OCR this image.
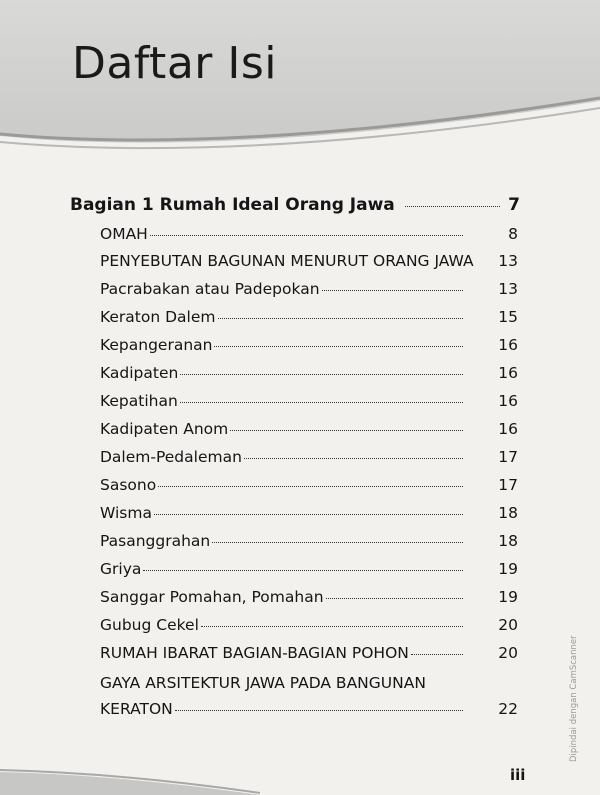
Daftar Isi
Bagian 1 Rumah Ideal Orang Jawa	7
OMAH	8
PENYEBUTAN BAGUNAN MENURUT ORANG JAWA 13
Pacrabakan atau Padepokan	13
Keraton Dalem	15
Kepangeranan	16
Kadipaten	16
Kepatihan	16
Kadipaten Anom	16
Dalem-Pedaleman	17
Sasono	17
Wisma	18
Pasanggrahan	18
Griya	19
Sanggar Pomahan, Pomahan	19
Gubug Cekel	20
RUMAH IBARAT BAGIAN-BAGIAN POHON	20
GAYA ARSITEKTUR JAWA PADA BANGUNAN
KERATON	22
iii
Dipindai dengan CamScanner
